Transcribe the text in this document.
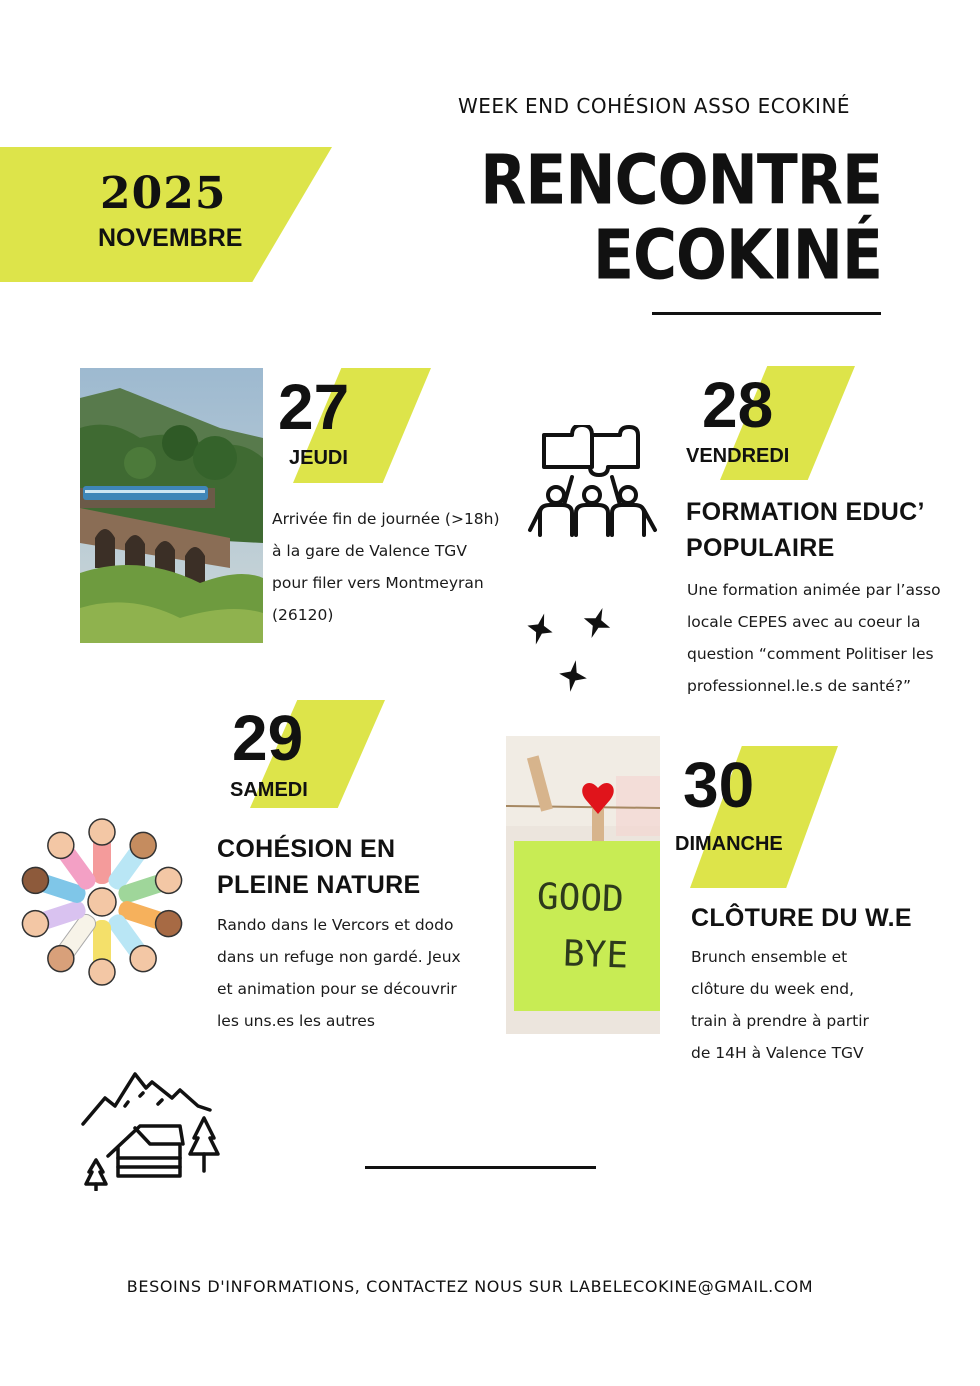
WEEK END COHÉSION ASSO ECOKINÉ
2025
NOVEMBRE
RENCONTRE
ECOKINÉ
27
JEUDI
Arrivée fin de journée (>18h)
à la gare de Valence TGV
pour filer vers Montmeyran
(26120)
28
VENDREDI
FORMATION EDUC’
POPULAIRE
Une formation animée par l’asso
locale CEPES avec au coeur la
question “comment Politiser les
professionnel.le.s de santé?”
29
SAMEDI
COHÉSION EN
PLEINE NATURE
Rando dans le Vercors et dodo
dans un refuge non gardé. Jeux
et animation pour se découvrir
les uns.es les autres
GOOD
BYE
30
DIMANCHE
CLÔTURE DU W.E
Brunch ensemble et
clôture du week end,
train à prendre à partir
de 14H à Valence TGV
BESOINS D'INFORMATIONS, CONTACTEZ NOUS SUR LABELECOKINE@GMAIL.COM
